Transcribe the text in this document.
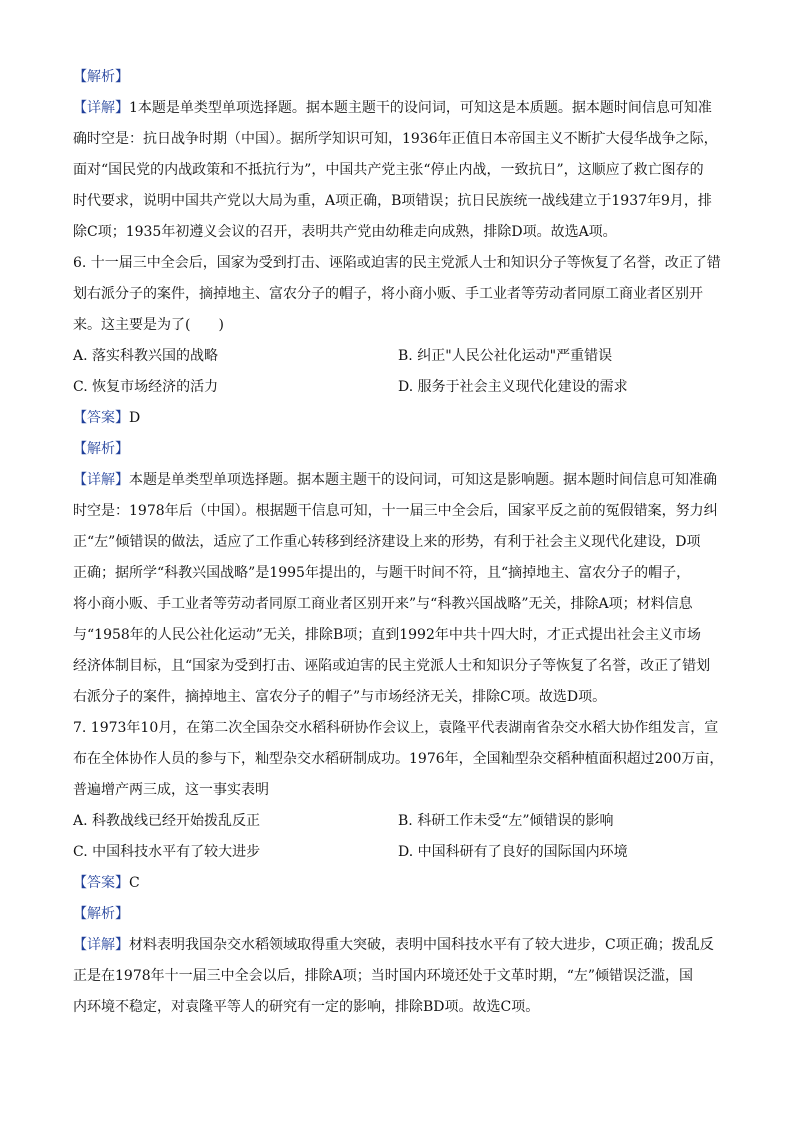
【解析】

【详解】1本题是单类型单项选择题。据本题主题干的设问词，可知这是本质题。据本题时间信息可知准

确时空是：抗日战争时期（中国）。据所学知识可知，1936年正值日本帝国主义不断扩大侵华战争之际，

面对“国民党的内战政策和不抵抗行为”，中国共产党主张“停止内战，一致抗日”，这顺应了救亡图存的

时代要求，说明中国共产党以大局为重，A项正确，B项错误；抗日民族统一战线建立于1937年9月，排

除C项；1935年初遵义会议的召开，表明共产党由幼稚走向成熟，排除D项。故选A项。

6. 十一届三中全会后，国家为受到打击、诬陷或迫害的民主党派人士和知识分子等恢复了名誉，改正了错

划右派分子的案件，摘掉地主、富农分子的帽子，将小商小贩、手工业者等劳动者同原工商业者区别开

来。这主要是为了(　　)

A. 落实科教兴国的战略	B. 纠正"人民公社化运动"严重错误
C. 恢复市场经济的活力	D. 服务于社会主义现代化建设的需求

【答案】D

【解析】

【详解】本题是单类型单项选择题。据本题主题干的设问词，可知这是影响题。据本题时间信息可知准确

时空是：1978年后（中国）。根据题干信息可知，十一届三中全会后，国家平反之前的冤假错案，努力纠

正“左”倾错误的做法，适应了工作重心转移到经济建设上来的形势，有利于社会主义现代化建设，D项

正确；据所学“科教兴国战略”是1995年提出的，与题干时间不符，且“摘掉地主、富农分子的帽子，

将小商小贩、手工业者等劳动者同原工商业者区别开来”与“科教兴国战略”无关，排除A项；材料信息

与“1958年的人民公社化运动”无关，排除B项；直到1992年中共十四大时，才正式提出社会主义市场

经济体制目标，且“国家为受到打击、诬陷或迫害的民主党派人士和知识分子等恢复了名誉，改正了错划

右派分子的案件，摘掉地主、富农分子的帽子”与市场经济无关，排除C项。故选D项。

7. 1973年10月，在第二次全国杂交水稻科研协作会议上，袁隆平代表湖南省杂交水稻大协作组发言，宣

布在全体协作人员的参与下，籼型杂交水稻研制成功。1976年，全国籼型杂交稻种植面积超过200万亩，

普遍增产两三成，这一事实表明

A. 科教战线已经开始拨乱反正	B. 科研工作未受“左”倾错误的影响
C. 中国科技水平有了较大进步	D. 中国科研有了良好的国际国内环境

【答案】C

【解析】

【详解】材料表明我国杂交水稻领域取得重大突破，表明中国科技水平有了较大进步，C项正确；拨乱反

正是在1978年十一届三中全会以后，排除A项；当时国内环境还处于文革时期，“左”倾错误泛滥，国

内环境不稳定，对袁隆平等人的研究有一定的影响，排除BD项。故选C项。
